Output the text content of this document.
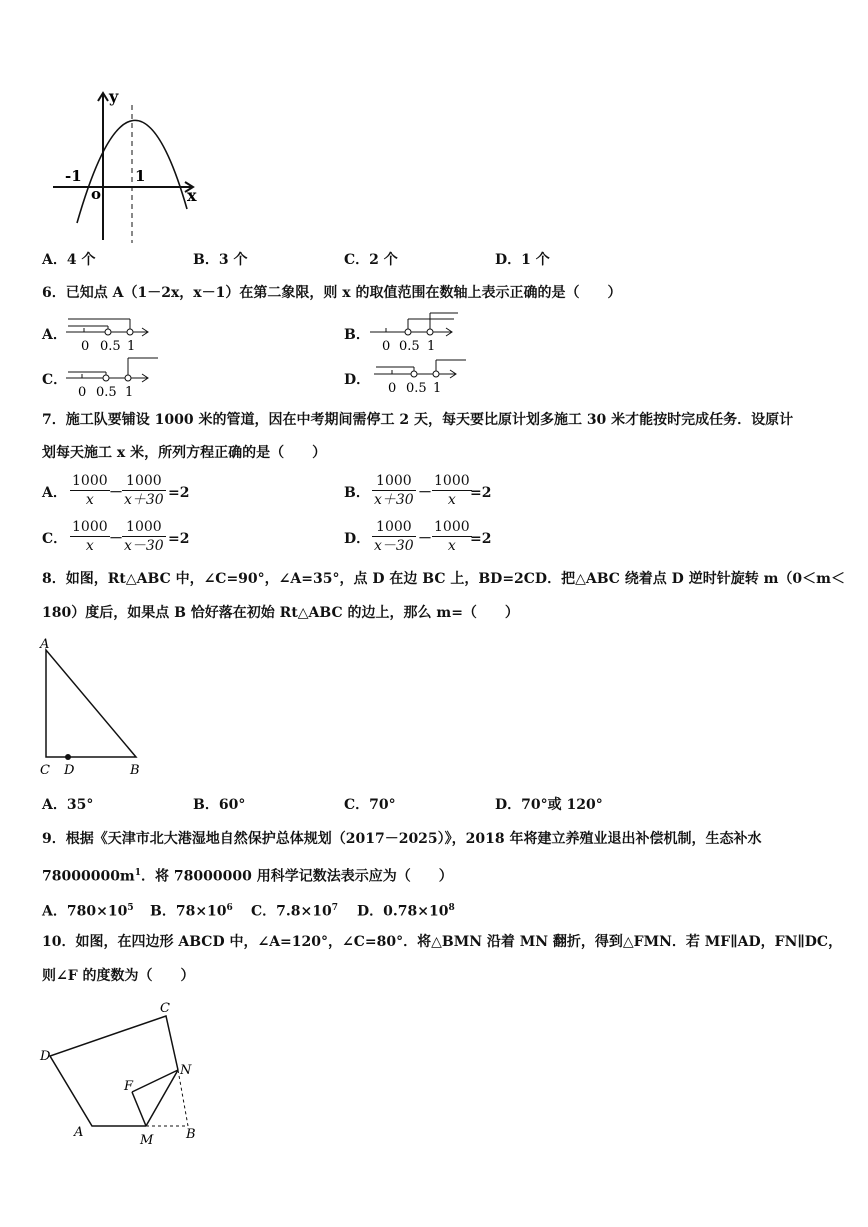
y
x
o
-1	1
A．4 个	B．3 个	C．2 个	D．1 个
6．已知点 A（1－2x，x－1）在第二象限，则 x 的取值范围在数轴上表示正确的是（　　）
A．
0 0.5 1
B．
0 0.5 1
C．
0 0.5 1
D．
0 0.5 1
7．施工队要铺设 1000 米的管道，因在中考期间需停工 2 天，每天要比原计划多施工 30 米才能按时完成任务．设原计
划每天施工 x 米，所列方程正确的是（　　）
A． $\frac{1000}{x} - \frac{1000}{x+30} =2$	B． $\frac{1000}{x+30} - \frac{1000}{x}$
=2
C． $\frac{1000}{x} - \frac{1000}{x-30} =2$	D． $\frac{1000}{x-30} - \frac{1000}{x}$
=2
8．如图，Rt△ABC 中，∠C=90°，∠A=35°，点 D 在边 BC 上，BD=2CD．把△ABC 绕着点 D 逆时针旋转 m（0＜m＜
180）度后，如果点 B 恰好落在初始 Rt△ABC 的边上，那么 m=（　　）
A
C D	B
A．35°	B．60°	C．70°	D．70°或 120°
9．根据《天津市北大港湿地自然保护总体规划（2017－2025）》，2018 年将建立养殖业退出补偿机制，生态补水
$78000000m^1$．将 78000000 用科学记数法表示应为（　　）
A．$780\times 10^5$ B．$78\times 10^6$ C．$7.8\times 10^7$ D．$0.78\times 10^8$
10．如图，在四边形 ABCD 中，∠A=120°，∠C=80°．将△BMN 沿着 MN 翻折，得到△FMN．若 MF∥AD，FN∥DC，
则∠F 的度数为（　　）
C
D
N
F
A
M	B
